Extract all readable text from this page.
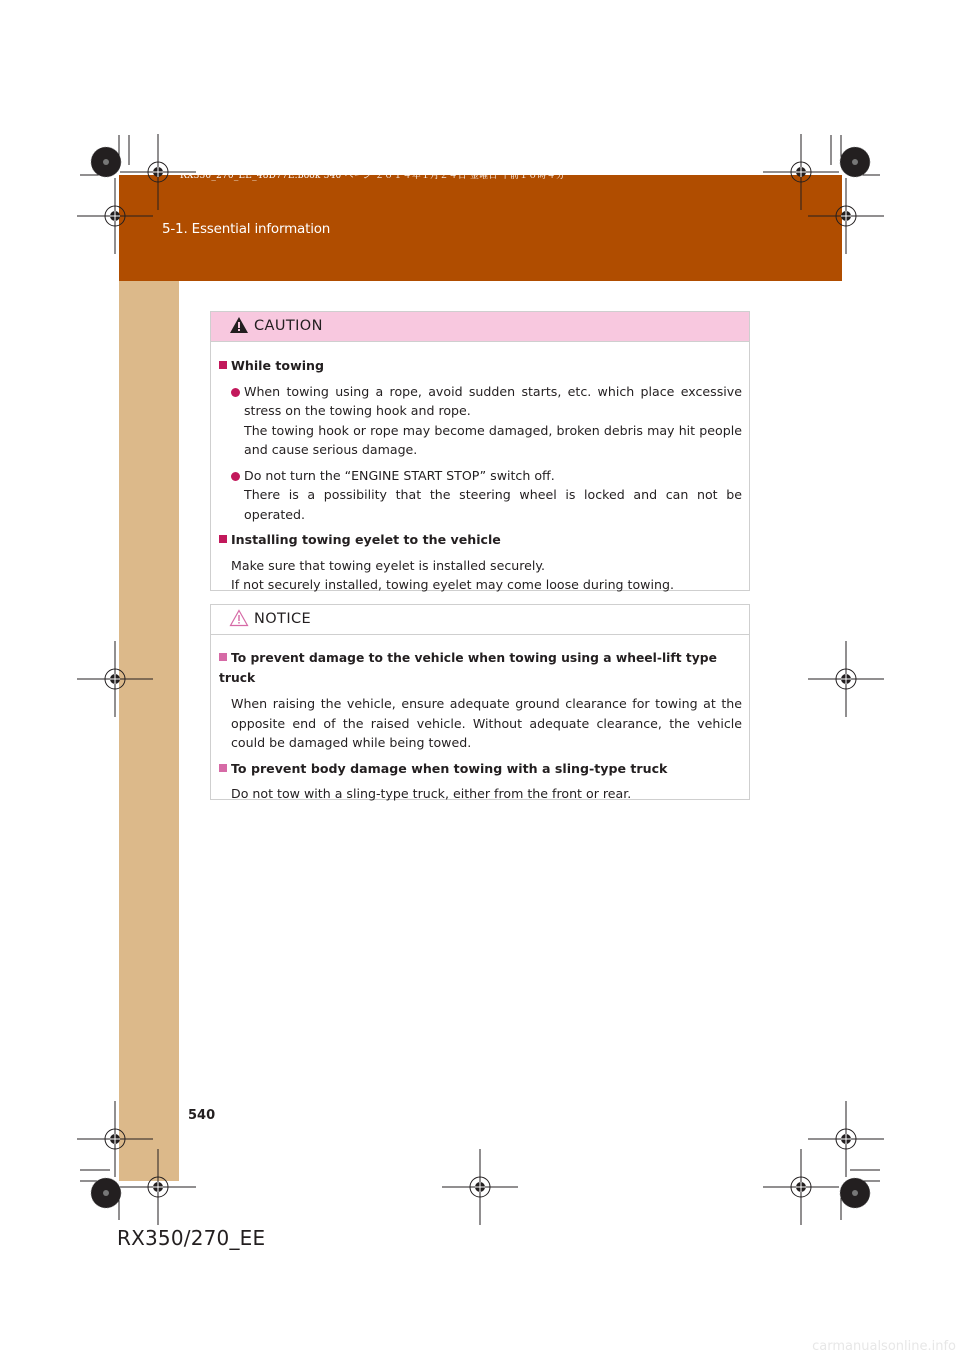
RX350_270_EE_48D77E.book 540 ページ ２０１４年１月２４日 金曜日 午前１０時４分
5-1. Essential information
CAUTION
While towing
When towing using a rope, avoid sudden starts, etc. which place excessive stress on the towing hook and rope.
The towing hook or rope may become damaged, broken debris may hit people and cause serious damage.
Do not turn the “ENGINE START STOP” switch off.
There is a possibility that the steering wheel is locked and can not be operated.
Installing towing eyelet to the vehicle
Make sure that towing eyelet is installed securely.
If not securely installed, towing eyelet may come loose during towing.
NOTICE
To prevent damage to the vehicle when towing using a wheel-lift type truck
When raising the vehicle, ensure adequate ground clearance for towing at the opposite end of the raised vehicle. Without adequate clearance, the vehicle could be damaged while being towed.
To prevent body damage when towing with a sling-type truck
Do not tow with a sling-type truck, either from the front or rear.
540
RX350/270_EE
carmanualsonline.info
